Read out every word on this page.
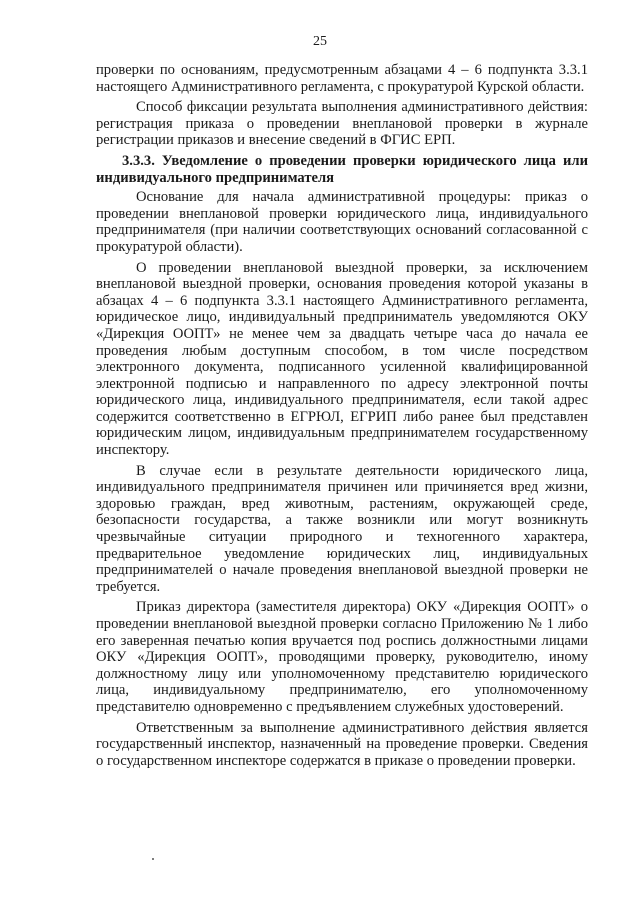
25

проверки по основаниям, предусмотренным абзацами 4 – 6 подпункта 3.3.1 настоящего Административного регламента, с прокуратурой Курской области.

Способ фиксации результата выполнения административного действия: регистрация приказа о проведении внеплановой проверки в журнале регистрации приказов и внесение сведений в ФГИС ЕРП.

3.3.3. Уведомление о проведении проверки юридического лица или индивидуального предпринимателя

Основание для начала административной процедуры: приказ о проведении внеплановой проверки юридического лица, индивидуального предпринимателя (при наличии соответствующих оснований согласованной с прокуратурой области).

О проведении внеплановой выездной проверки, за исключением внеплановой выездной проверки, основания проведения которой указаны в абзацах 4 – 6 подпункта 3.3.1 настоящего Административного регламента, юридическое лицо, индивидуальный предприниматель уведомляются ОКУ «Дирекция ООПТ» не менее чем за двадцать четыре часа до начала ее проведения любым доступным способом, в том числе посредством электронного документа, подписанного усиленной квалифицированной электронной подписью и направленного по адресу электронной почты юридического лица, индивидуального предпринимателя, если такой адрес содержится соответственно в ЕГРЮЛ, ЕГРИП либо ранее был представлен юридическим лицом, индивидуальным предпринимателем государственному инспектору.

В случае если в результате деятельности юридического лица, индивидуального предпринимателя причинен или причиняется вред жизни, здоровью граждан, вред животным, растениям, окружающей среде, безопасности государства, а также возникли или могут возникнуть чрезвычайные ситуации природного и техногенного характера, предварительное уведомление юридических лиц, индивидуальных предпринимателей о начале проведения внеплановой выездной проверки не требуется.

Приказ директора (заместителя директора) ОКУ «Дирекция ООПТ» о проведении внеплановой выездной проверки согласно Приложению № 1 либо его заверенная печатью копия вручается под роспись должностными лицами ОКУ «Дирекция ООПТ», проводящими проверку, руководителю, иному должностному лицу или уполномоченному представителю юридического лица, индивидуальному предпринимателю, его уполномоченному представителю одновременно с предъявлением служебных удостоверений.

Ответственным за выполнение административного действия является государственный инспектор, назначенный на проведение проверки. Сведения о государственном инспекторе содержатся в приказе о проведении проверки.
